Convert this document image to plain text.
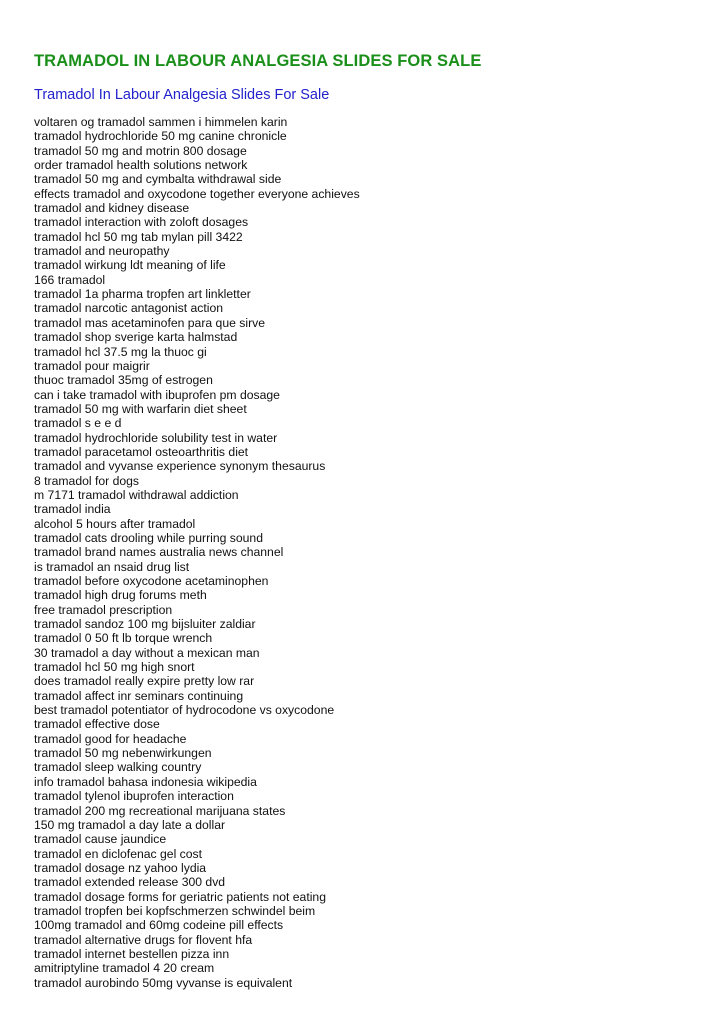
TRAMADOL IN LABOUR ANALGESIA SLIDES FOR SALE
Tramadol In Labour Analgesia Slides For Sale
voltaren og tramadol sammen i himmelen karin
tramadol hydrochloride 50 mg canine chronicle
tramadol 50 mg and motrin 800 dosage
order tramadol health solutions network
tramadol 50 mg and cymbalta withdrawal side
effects tramadol and oxycodone together everyone achieves
tramadol and kidney disease
tramadol interaction with zoloft dosages
tramadol hcl 50 mg tab mylan pill 3422
tramadol and neuropathy
tramadol wirkung ldt meaning of life
166 tramadol
tramadol 1a pharma tropfen art linkletter
tramadol narcotic antagonist action
tramadol mas acetaminofen para que sirve
tramadol shop sverige karta halmstad
tramadol hcl 37.5 mg la thuoc gi
tramadol pour maigrir
thuoc tramadol 35mg of estrogen
can i take tramadol with ibuprofen pm dosage
tramadol 50 mg with warfarin diet sheet
tramadol s e e d
tramadol hydrochloride solubility test in water
tramadol paracetamol osteoarthritis diet
tramadol and vyvanse experience synonym thesaurus
8 tramadol for dogs
m 7171 tramadol withdrawal addiction
tramadol india
alcohol 5 hours after tramadol
tramadol cats drooling while purring sound
tramadol brand names australia news channel
is tramadol an nsaid drug list
tramadol before oxycodone acetaminophen
tramadol high drug forums meth
free tramadol prescription
tramadol sandoz 100 mg bijsluiter zaldiar
tramadol 0 50 ft lb torque wrench
30 tramadol a day without a mexican man
tramadol hcl 50 mg high snort
does tramadol really expire pretty low rar
tramadol affect inr seminars continuing
best tramadol potentiator of hydrocodone vs oxycodone
tramadol effective dose
tramadol good for headache
tramadol 50 mg nebenwirkungen
tramadol sleep walking country
info tramadol bahasa indonesia wikipedia
tramadol tylenol ibuprofen interaction
tramadol 200 mg recreational marijuana states
150 mg tramadol a day late a dollar
tramadol cause jaundice
tramadol en diclofenac gel cost
tramadol dosage nz yahoo lydia
tramadol extended release 300 dvd
tramadol dosage forms for geriatric patients not eating
tramadol tropfen bei kopfschmerzen schwindel beim
100mg tramadol and 60mg codeine pill effects
tramadol alternative drugs for flovent hfa
tramadol internet bestellen pizza inn
amitriptyline tramadol 4 20 cream
tramadol aurobindo 50mg vyvanse is equivalent
